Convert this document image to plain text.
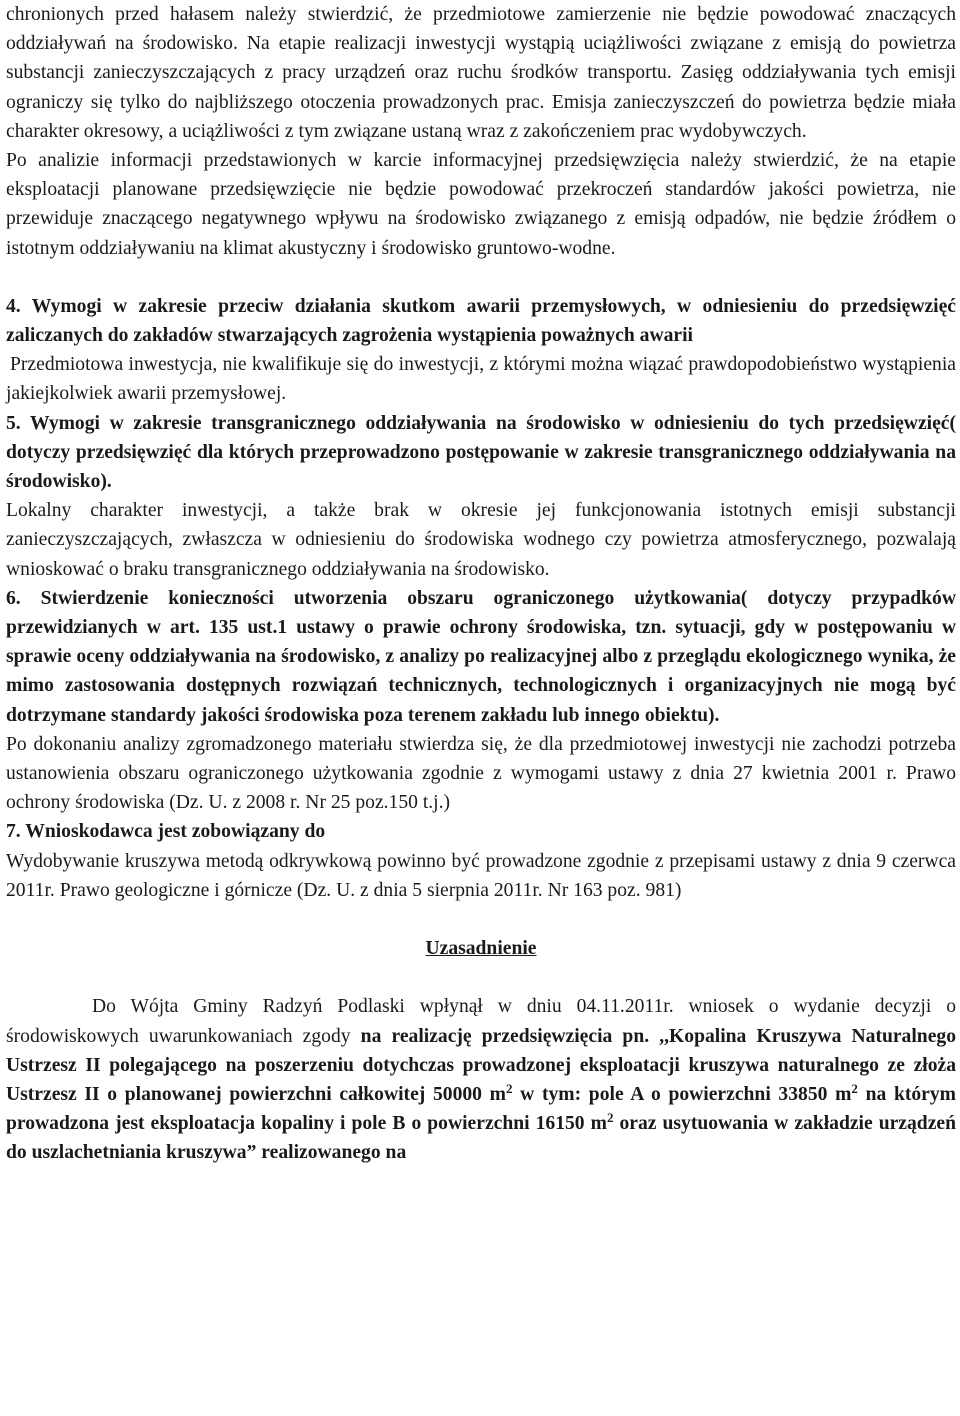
chronionych przed hałasem należy stwierdzić, że przedmiotowe zamierzenie nie będzie powodować znaczących oddziaływań na środowisko. Na etapie realizacji inwestycji wystąpią uciążliwości związane z emisją do powietrza substancji zanieczyszczających z pracy urządzeń oraz ruchu środków transportu. Zasięg oddziaływania tych emisji ograniczy się tylko do najbliższego otoczenia prowadzonych prac. Emisja zanieczyszczeń do powietrza będzie miała charakter okresowy, a uciążliwości z tym związane ustaną wraz z zakończeniem prac wydobywczych.

Po analizie informacji przedstawionych w karcie informacyjnej przedsięwzięcia należy stwierdzić, że na etapie eksploatacji planowane przedsięwzięcie nie będzie powodować przekroczeń standardów jakości powietrza, nie przewiduje znaczącego negatywnego wpływu na środowisko związanego z emisją odpadów, nie będzie źródłem o istotnym oddziaływaniu na klimat akustyczny i środowisko gruntowo-wodne.

4. Wymogi w zakresie przeciw działania skutkom awarii przemysłowych, w odniesieniu do przedsięwzięć zaliczanych do zakładów stwarzających zagrożenia wystąpienia poważnych awarii

Przedmiotowa inwestycja, nie kwalifikuje się do inwestycji, z którymi można wiązać prawdopodobieństwo wystąpienia jakiejkolwiek awarii przemysłowej.

5. Wymogi w zakresie transgranicznego oddziaływania na środowisko w odniesieniu do tych przedsięwzięć( dotyczy przedsięwzięć dla których przeprowadzono postępowanie w zakresie transgranicznego oddziaływania na środowisko).

Lokalny charakter inwestycji, a także brak w okresie jej funkcjonowania istotnych emisji substancji zanieczyszczających, zwłaszcza w odniesieniu do środowiska wodnego czy powietrza atmosferycznego, pozwalają wnioskować o braku transgranicznego oddziaływania na środowisko.

6. Stwierdzenie konieczności utworzenia obszaru ograniczonego użytkowania( dotyczy przypadków przewidzianych w art. 135 ust.1 ustawy o prawie ochrony środowiska, tzn. sytuacji, gdy w postępowaniu w sprawie oceny oddziaływania na środowisko, z analizy po realizacyjnej albo z przeglądu ekologicznego wynika, że mimo zastosowania dostępnych rozwiązań technicznych, technologicznych i organizacyjnych nie mogą być dotrzymane standardy jakości środowiska poza terenem zakładu lub innego obiektu).

Po dokonaniu analizy zgromadzonego materiału stwierdza się, że dla przedmiotowej inwestycji nie zachodzi potrzeba ustanowienia obszaru ograniczonego użytkowania zgodnie z wymogami ustawy z dnia 27 kwietnia 2001 r. Prawo ochrony środowiska (Dz. U. z 2008 r. Nr 25 poz.150 t.j.)

7. Wnioskodawca jest zobowiązany do

Wydobywanie kruszywa metodą odkrywkową powinno być prowadzone zgodnie z przepisami ustawy z dnia 9 czerwca 2011r. Prawo geologiczne i górnicze (Dz. U. z dnia 5 sierpnia 2011r. Nr 163 poz. 981)

Uzasadnienie

Do Wójta Gminy Radzyń Podlaski wpłynął w dniu 04.11.2011r. wniosek o wydanie decyzji o środowiskowych uwarunkowaniach zgody na realizację przedsięwzięcia pn. ,,Kopalina Kruszywa Naturalnego Ustrzesz II polegającego na poszerzeniu dotychczas prowadzonej eksploatacji kruszywa naturalnego ze złoża Ustrzesz II o planowanej powierzchni całkowitej 50000 $m^2$ w tym: pole A o powierzchni 33850 $m^2$ na którym prowadzona jest eksploatacja kopaliny i pole B o powierzchni 16150 $m^2$ oraz usytuowania w zakładzie urządzeń do uszlachetniania kruszywa” realizowanego na
